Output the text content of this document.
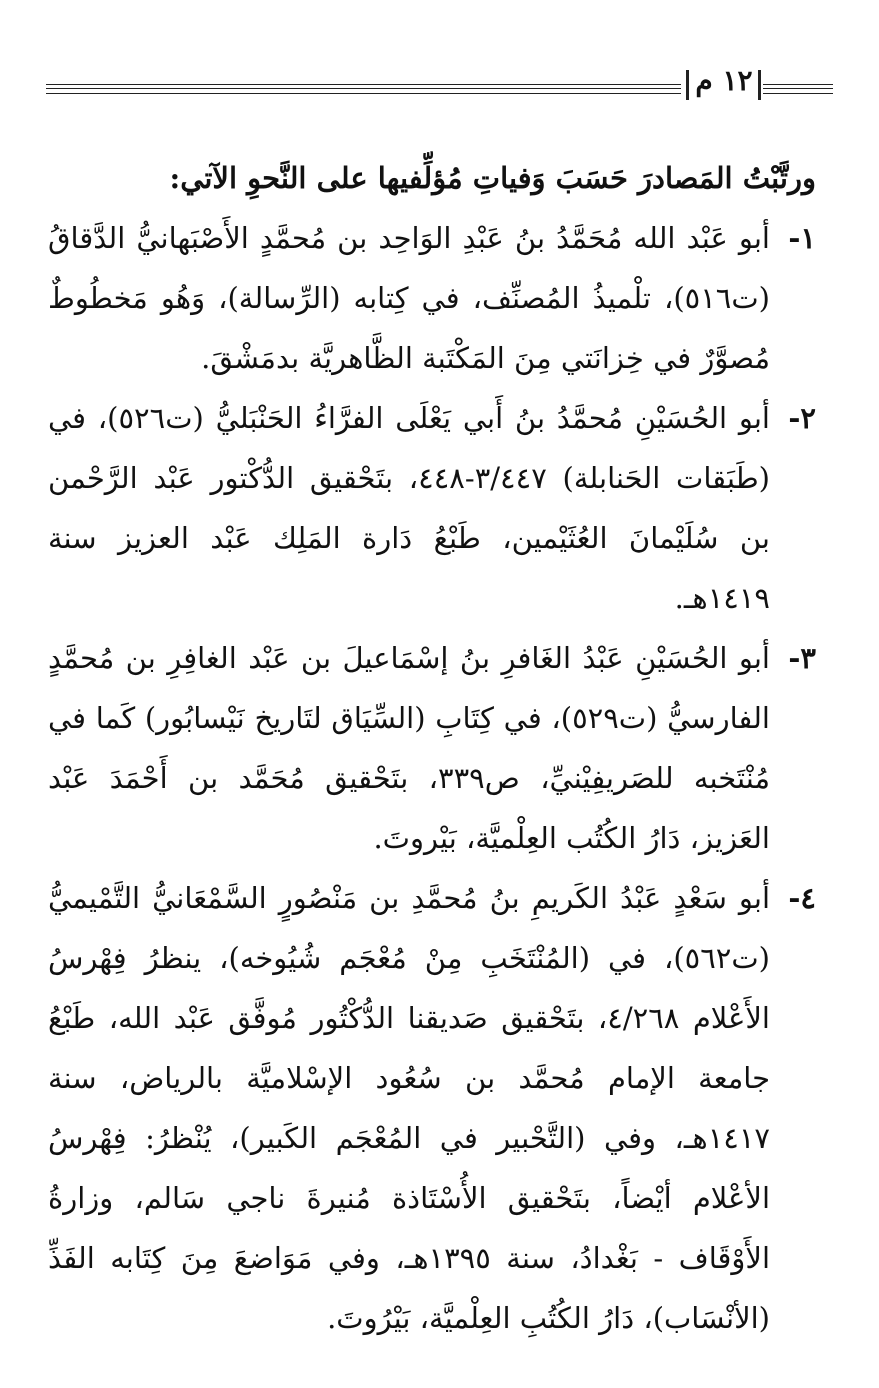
١٢ م

ورتَّبْتُ المَصادرَ حَسَبَ وَفياتِ مُؤلِّفيها على النَّحوِ الآتي:

١-
أبو عَبْد الله مُحَمَّدُ بنُ عَبْدِ الوَاحِد بن مُحمَّدٍ الأَصْبَهانيُّ الدَّقاقُ (ت٥١٦)، تلْميذُ المُصنِّف، في كِتابه (الرِّسالة)، وَهُو مَخطُوطٌ مُصوَّرٌ في خِزانَتي مِنَ المَكْتَبة الظَّاهريَّة بدمَشْقَ.
٢-
أبو الحُسَيْنِ مُحمَّدُ بنُ أَبي يَعْلَى الفرَّاءُ الحَنْبَليُّ (ت٥٢٦)، في (طَبَقات الحَنابلة) ٣/٤٤٧-٤٤٨، بتَحْقيق الدُّكْتور عَبْد الرَّحْمن بن سُلَيْمانَ العُثَيْمين، طَبْعُ دَارة المَلِك عَبْد العزيز سنة ١٤١٩هـ.
٣-
أبو الحُسَيْنِ عَبْدُ الغَافرِ بنُ إسْمَاعيلَ بن عَبْد الغافِرِ بن مُحمَّدٍ الفارسيُّ (ت٥٢٩)، في كِتَابِ (السِّيَاق لتَاريخ نَيْسابُور) كَما في مُنْتَخبه للصَريفِيْنيِّ، ص٣٣٩، بتَحْقيق مُحَمَّد بن أَحْمَدَ عَبْد العَزيز، دَارُ الكُتُب العِلْميَّة، بَيْروتَ.
٤-
أبو سَعْدٍ عَبْدُ الكَريمِ بنُ مُحمَّدِ بن مَنْصُورٍ السَّمْعَانيُّ التَّمْيميُّ (ت٥٦٢)، في (المُنْتَخَبِ مِنْ مُعْجَم شُيُوخه)، ينظرُ فِهْرسُ الأَعْلام ٤/٢٦٨، بتَحْقيق صَديقنا الدُّكْتُور مُوفَّق عَبْد الله، طَبْعُ جامعة الإمام مُحمَّد بن سُعُود الإسْلاميَّة بالرياض، سنة ١٤١٧هـ، وفي (التَّحْبير في المُعْجَم الكَبير)، يُنْظرُ: فِهْرسُ الأعْلام أيْضاً، بتَحْقيق الأُسْتَاذة مُنيرةَ ناجي سَالم، وزارةُ الأَوْقَاف - بَغْدادُ، سنة ١٣٩٥هـ، وفي مَوَاضعَ مِنَ كِتَابه الفَذِّ (الأنْسَاب)، دَارُ الكُتُبِ العِلْميَّة، بَيْرُوتَ.
